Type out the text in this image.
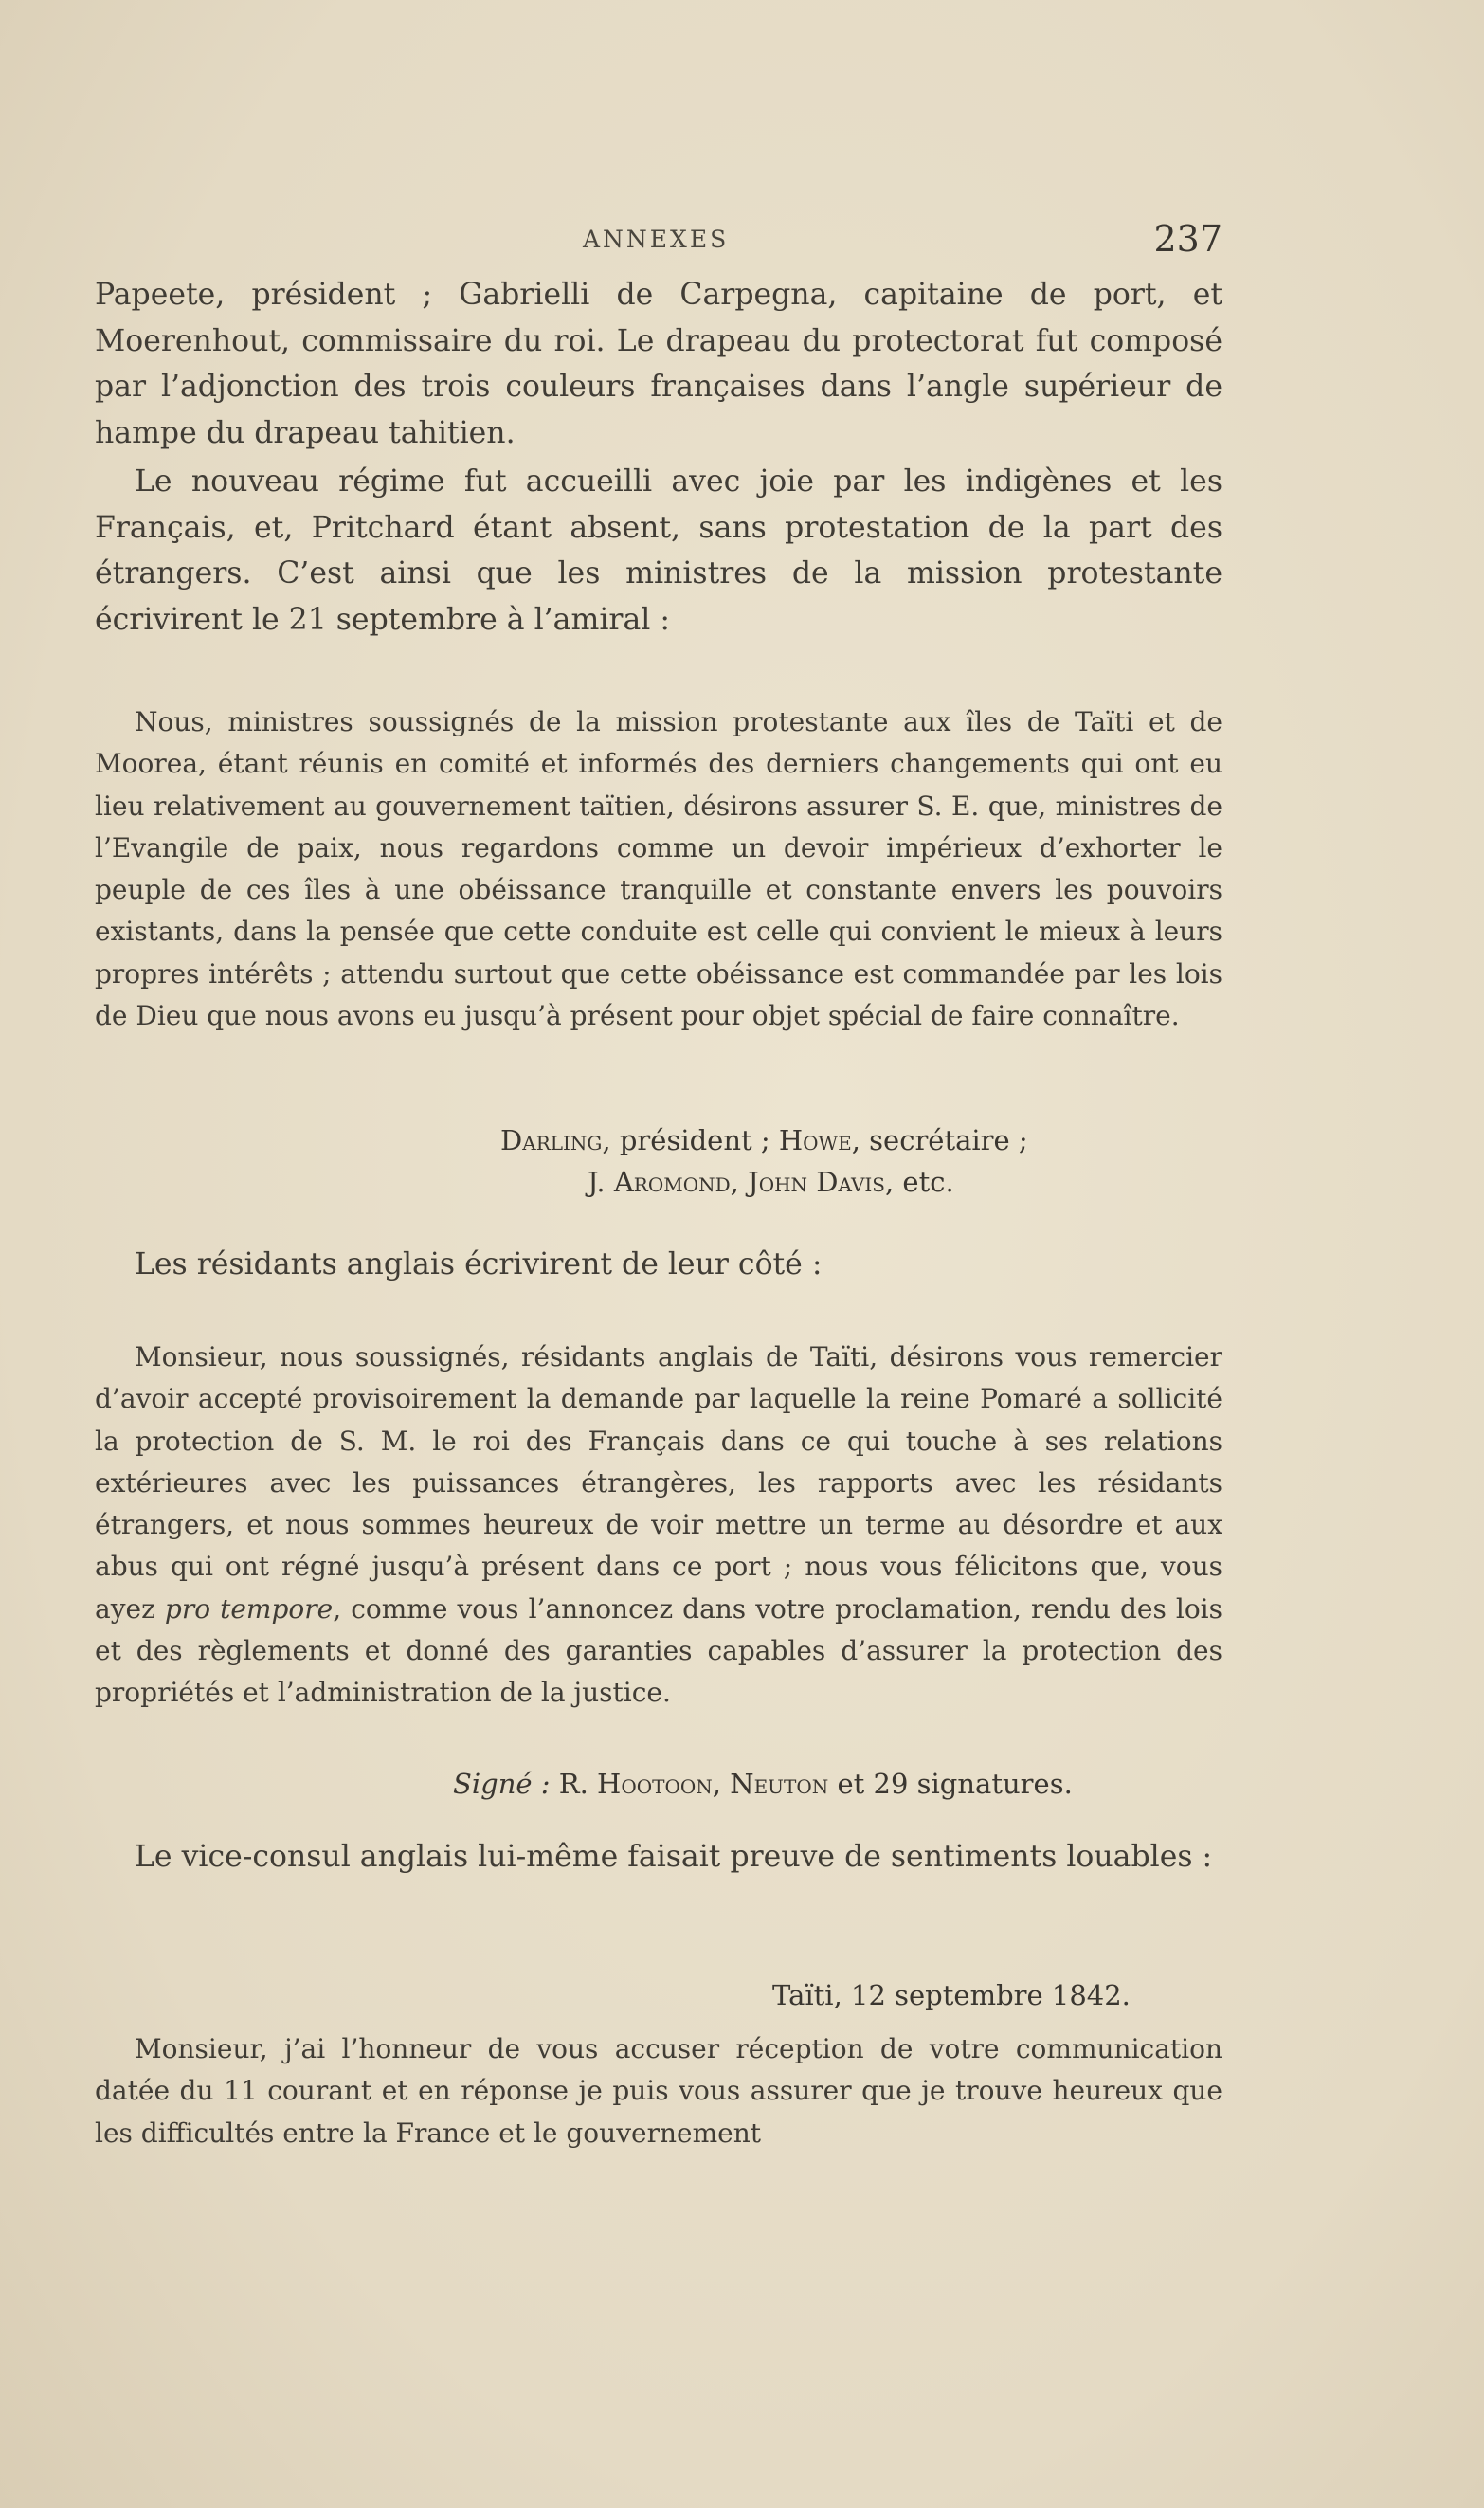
ANNEXES	237

Papeete, président ; Gabrielli de Carpegna, capitaine de port, et Moerenhout, commissaire du roi. Le drapeau du protectorat fut composé par l’adjonction des trois couleurs françaises dans l’angle supérieur de hampe du drapeau tahitien.

Le nouveau régime fut accueilli avec joie par les indigènes et les Français, et, Pritchard étant absent, sans protestation de la part des étrangers. C’est ainsi que les ministres de la mission protestante écrivirent le 21 septembre à l’amiral :

Nous, ministres soussignés de la mission protestante aux îles de Taïti et de Moorea, étant réunis en comité et informés des derniers changements qui ont eu lieu relativement au gouvernement taïtien, désirons assurer S. E. que, ministres de l’Evangile de paix, nous regardons comme un devoir impérieux d’exhorter le peuple de ces îles à une obéissance tranquille et constante envers les pouvoirs existants, dans la pensée que cette conduite est celle qui convient le mieux à leurs propres intérêts ; attendu surtout que cette obéissance est commandée par les lois de Dieu que nous avons eu jusqu’à présent pour objet spécial de faire connaître.

Darling, président ; Howe, secrétaire ;
J. Aromond, John Davis, etc.

Les résidants anglais écrivirent de leur côté :

Monsieur, nous soussignés, résidants anglais de Taïti, désirons vous remercier d’avoir accepté provisoirement la demande par laquelle la reine Pomaré a sollicité la protection de S. M. le roi des Français dans ce qui touche à ses relations extérieures avec les puissances étrangères, les rapports avec les résidants étrangers, et nous sommes heureux de voir mettre un terme au désordre et aux abus qui ont régné jusqu’à présent dans ce port ; nous vous félicitons que, vous ayez pro tempore, comme vous l’annoncez dans votre proclamation, rendu des lois et des règlements et donné des garanties capables d’assurer la protection des propriétés et l’administration de la justice.

Signé : R. Hootoon, Neuton et 29 signatures.

Le vice-consul anglais lui-même faisait preuve de sentiments louables :

Taïti, 12 septembre 1842.

Monsieur, j’ai l’honneur de vous accuser réception de votre communication datée du 11 courant et en réponse je puis vous assurer que je trouve heureux que les difficultés entre la France et le gouvernement
